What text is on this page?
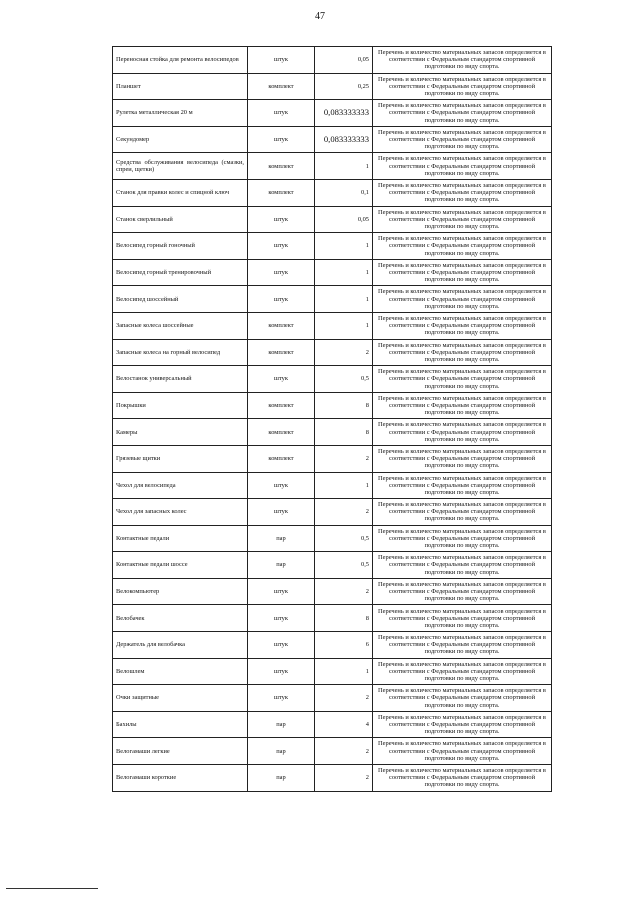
47
Переносная стойка для ремонта велосипедов	штук	0,05	Перечень и количество материальных запасов определяется в соответствии с Федеральным стандартом спортивной подготовки по виду спорта.
Планшет	комплект	0,25	Перечень и количество материальных запасов определяется в соответствии с Федеральным стандартом спортивной подготовки по виду спорта.
Рулетка металлическая 20 м	штук	0,083333333	Перечень и количество материальных запасов определяется в соответствии с Федеральным стандартом спортивной подготовки по виду спорта.
Секундомер	штук	0,083333333	Перечень и количество материальных запасов определяется в соответствии с Федеральным стандартом спортивной подготовки по виду спорта.
Средства обслуживания велосипеда (смазки, спреи, щетки)	комплект	1	Перечень и количество материальных запасов определяется в соответствии с Федеральным стандартом спортивной подготовки по виду спорта.
Станок для правки колес и спицной ключ	комплект	0,1	Перечень и количество материальных запасов определяется в соответствии с Федеральным стандартом спортивной подготовки по виду спорта.
Станок сверлильный	штук	0,05	Перечень и количество материальных запасов определяется в соответствии с Федеральным стандартом спортивной подготовки по виду спорта.
Велосипед горный гоночный	штук	1	Перечень и количество материальных запасов определяется в соответствии с Федеральным стандартом спортивной подготовки по виду спорта.
Велосипед горный тренировочный	штук	1	Перечень и количество материальных запасов определяется в соответствии с Федеральным стандартом спортивной подготовки по виду спорта.
Велосипед шоссейный	штук	1	Перечень и количество материальных запасов определяется в соответствии с Федеральным стандартом спортивной подготовки по виду спорта.
Запасные колеса шоссейные	комплект	1	Перечень и количество материальных запасов определяется в соответствии с Федеральным стандартом спортивной подготовки по виду спорта.
Запасные колеса на горный велосипед	комплект	2	Перечень и количество материальных запасов определяется в соответствии с Федеральным стандартом спортивной подготовки по виду спорта.
Велостанок универсальный	штук	0,5	Перечень и количество материальных запасов определяется в соответствии с Федеральным стандартом спортивной подготовки по виду спорта.
Покрышки	комплект	8	Перечень и количество материальных запасов определяется в соответствии с Федеральным стандартом спортивной подготовки по виду спорта.
Камеры	комплект	8	Перечень и количество материальных запасов определяется в соответствии с Федеральным стандартом спортивной подготовки по виду спорта.
Грязевые щитки	комплект	2	Перечень и количество материальных запасов определяется в соответствии с Федеральным стандартом спортивной подготовки по виду спорта.
Чехол для велосипеда	штук	1	Перечень и количество материальных запасов определяется в соответствии с Федеральным стандартом спортивной подготовки по виду спорта.
Чехол для запасных колес	штук	2	Перечень и количество материальных запасов определяется в соответствии с Федеральным стандартом спортивной подготовки по виду спорта.
Контактные педали	пар	0,5	Перечень и количество материальных запасов определяется в соответствии с Федеральным стандартом спортивной подготовки по виду спорта.
Контактные педали шоссе	пар	0,5	Перечень и количество материальных запасов определяется в соответствии с Федеральным стандартом спортивной подготовки по виду спорта.
Велокомпьютер	штук	2	Перечень и количество материальных запасов определяется в соответствии с Федеральным стандартом спортивной подготовки по виду спорта.
Велобачек	штук	8	Перечень и количество материальных запасов определяется в соответствии с Федеральным стандартом спортивной подготовки по виду спорта.
Держатель для велобачка	штук	6	Перечень и количество материальных запасов определяется в соответствии с Федеральным стандартом спортивной подготовки по виду спорта.
Велошлем	штук	1	Перечень и количество материальных запасов определяется в соответствии с Федеральным стандартом спортивной подготовки по виду спорта.
Очки защитные	штук	2	Перечень и количество материальных запасов определяется в соответствии с Федеральным стандартом спортивной подготовки по виду спорта.
Бахилы	пар	4	Перечень и количество материальных запасов определяется в соответствии с Федеральным стандартом спортивной подготовки по виду спорта.
Велогамаши легкие	пар	2	Перечень и количество материальных запасов определяется в соответствии с Федеральным стандартом спортивной подготовки по виду спорта.
Велогамаши короткие	пар	2	Перечень и количество материальных запасов определяется в соответствии с Федеральным стандартом спортивной подготовки по виду спорта.
